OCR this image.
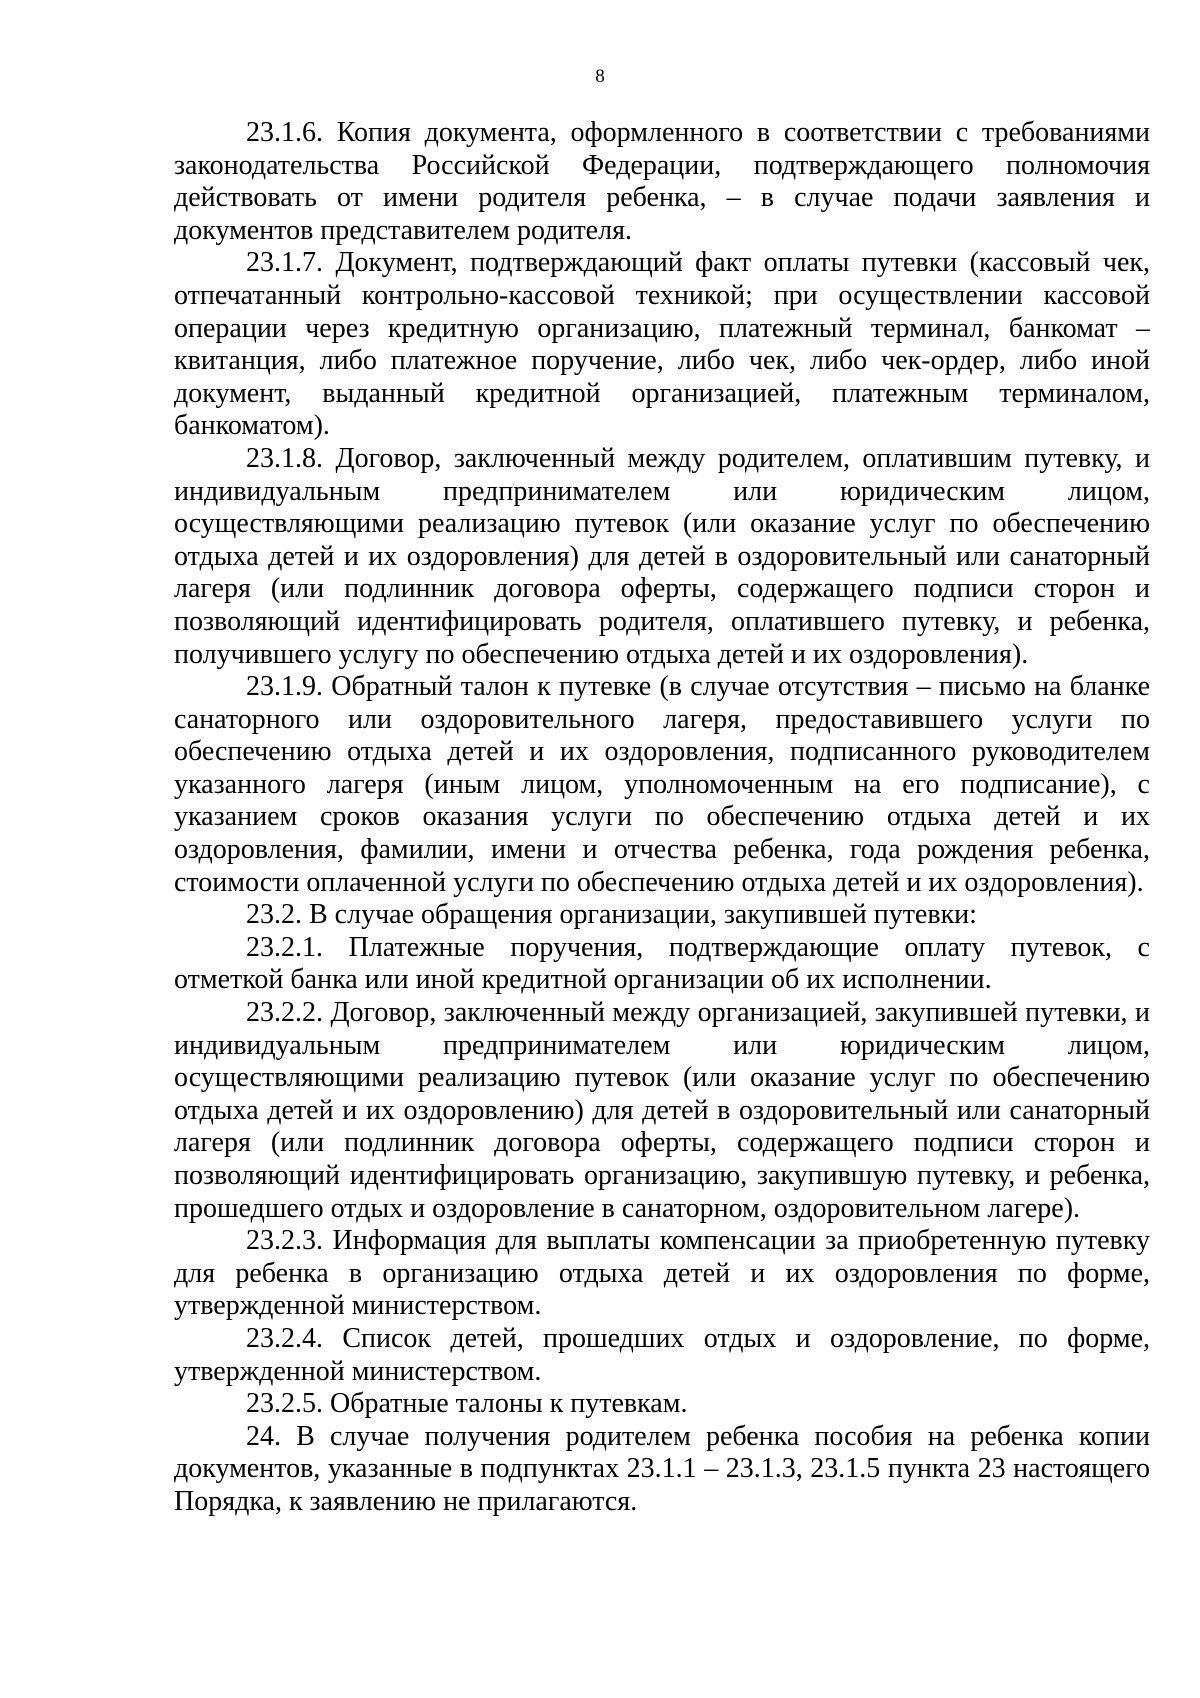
8

23.1.6. Копия документа, оформленного в соответствии с требованиями законодательства Российской Федерации, подтверждающего полномочия действовать от имени родителя ребенка, – в случае подачи заявления и документов представителем родителя.

23.1.7. Документ, подтверждающий факт оплаты путевки (кассовый чек, отпечатанный контрольно-кассовой техникой; при осуществлении кассовой операции через кредитную организацию, платежный терминал, банкомат – квитанция, либо платежное поручение, либо чек, либо чек-ордер, либо иной документ, выданный кредитной организацией, платежным терминалом, банкоматом).

23.1.8. Договор, заключенный между родителем, оплатившим путевку, и индивидуальным предпринимателем или юридическим лицом, осуществляющими реализацию путевок (или оказание услуг по обеспечению отдыха детей и их оздоровления) для детей в оздоровительный или санаторный лагеря (или подлинник договора оферты, содержащего подписи сторон и позволяющий идентифицировать родителя, оплатившего путевку, и ребенка, получившего услугу по обеспечению отдыха детей и их оздоровления).

23.1.9. Обратный талон к путевке (в случае отсутствия – письмо на бланке санаторного или оздоровительного лагеря, предоставившего услуги по обеспечению отдыха детей и их оздоровления, подписанного руководителем указанного лагеря (иным лицом, уполномоченным на его подписание), с указанием сроков оказания услуги по обеспечению отдыха детей и их оздоровления, фамилии, имени и отчества ребенка, года рождения ребенка, стоимости оплаченной услуги по обеспечению отдыха детей и их оздоровления).

23.2. В случае обращения организации, закупившей путевки:

23.2.1. Платежные поручения, подтверждающие оплату путевок, с отметкой банка или иной кредитной организации об их исполнении.

23.2.2. Договор, заключенный между организацией, закупившей путевки, и индивидуальным предпринимателем или юридическим лицом, осуществляющими реализацию путевок (или оказание услуг по обеспечению отдыха детей и их оздоровлению) для детей в оздоровительный или санаторный лагеря (или подлинник договора оферты, содержащего подписи сторон и позволяющий идентифицировать организацию, закупившую путевку, и ребенка, прошедшего отдых и оздоровление в санаторном, оздоровительном лагере).

23.2.3. Информация для выплаты компенсации за приобретенную путевку для ребенка в организацию отдыха детей и их оздоровления по форме, утвержденной министерством.

23.2.4. Список детей, прошедших отдых и оздоровление, по форме, утвержденной министерством.

23.2.5. Обратные талоны к путевкам.

24. В случае получения родителем ребенка пособия на ребенка копии документов, указанные в подпунктах 23.1.1 – 23.1.3, 23.1.5 пункта 23 настоящего Порядка, к заявлению не прилагаются.
